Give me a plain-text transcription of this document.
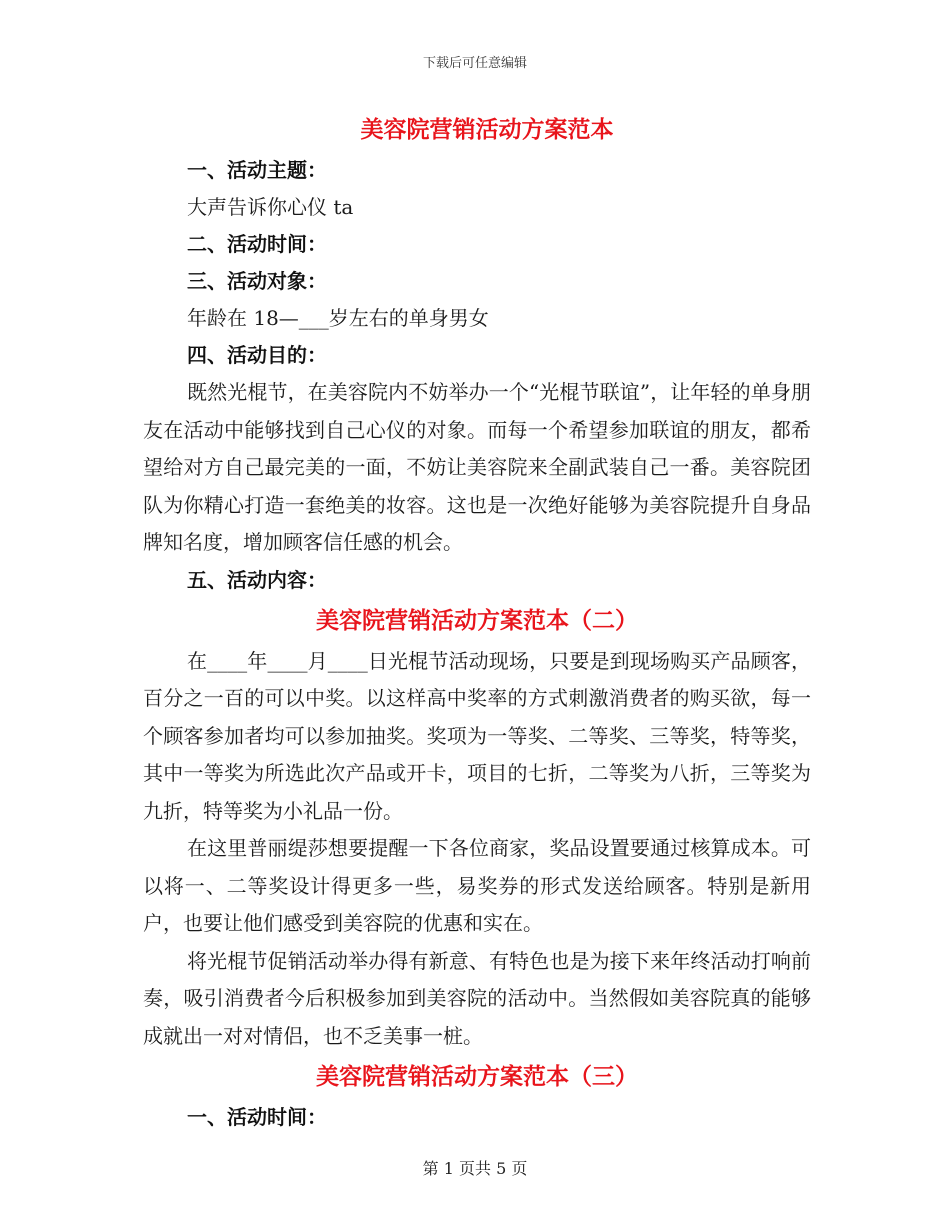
下载后可任意编辑
美容院营销活动方案范本
一、活动主题：
大声告诉你心仪 ta
二、活动时间：
三、活动对象：
年龄在 18—___岁左右的单身男女
四、活动目的：

既然光棍节，在美容院内不妨举办一个“光棍节联谊”，让年轻的单身朋友在活动中能够找到自己心仪的对象。而每一个希望参加联谊的朋友，都希望给对方自己最完美的一面，不妨让美容院来全副武装自己一番。美容院团队为你精心打造一套绝美的妆容。这也是一次绝好能够为美容院提升自身品牌知名度，增加顾客信任感的机会。

五、活动内容：
美容院营销活动方案范本（二）

在____年____月____日光棍节活动现场，只要是到现场购买产品顾客，百分之一百的可以中奖。以这样高中奖率的方式刺激消费者的购买欲，每一个顾客参加者均可以参加抽奖。奖项为一等奖、二等奖、三等奖，特等奖，其中一等奖为所选此次产品或开卡，项目的七折，二等奖为八折，三等奖为九折，特等奖为小礼品一份。

在这里普丽缇莎想要提醒一下各位商家，奖品设置要通过核算成本。可以将一、二等奖设计得更多一些，易奖券的形式发送给顾客。特别是新用户，也要让他们感受到美容院的优惠和实在。

将光棍节促销活动举办得有新意、有特色也是为接下来年终活动打响前奏，吸引消费者今后积极参加到美容院的活动中。当然假如美容院真的能够成就出一对对情侣，也不乏美事一桩。

美容院营销活动方案范本（三）
一、活动时间：
第 1 页共 5 页
